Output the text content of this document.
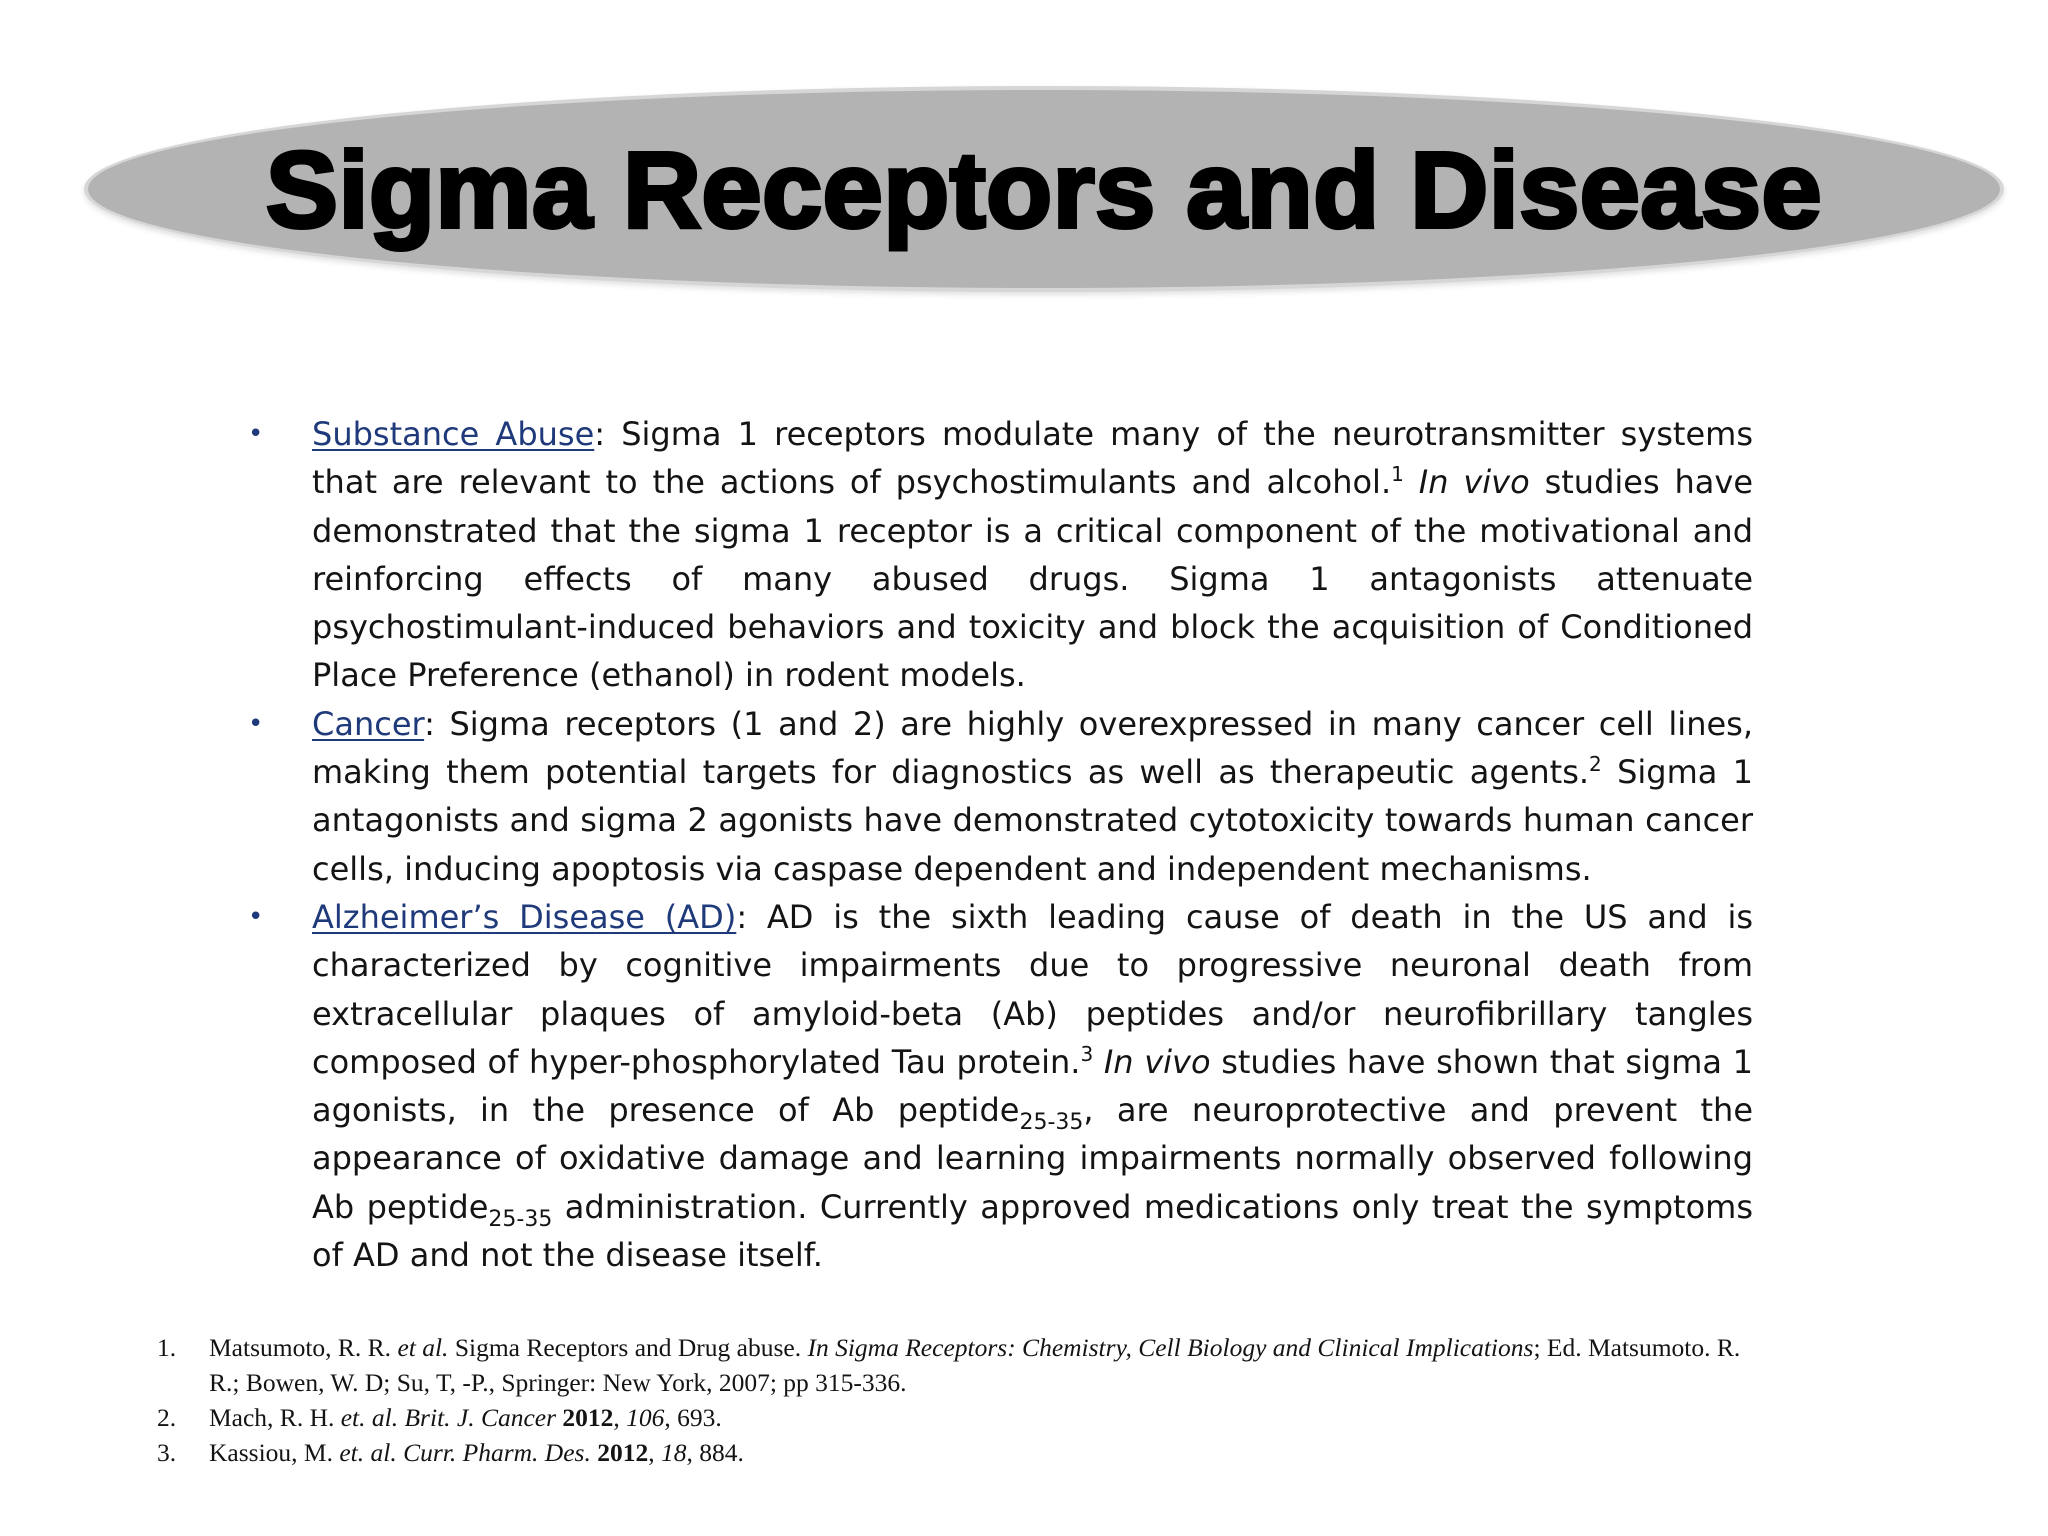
Sigma Receptors and Disease
• Substance Abuse: Sigma 1 receptors modulate many of the neurotransmitter systems that are relevant to the actions of psychostimulants and alcohol.$^1$ In vivo studies have demonstrated that the sigma 1 receptor is a critical component of the motivational and reinforcing effects of many abused drugs. Sigma 1 antagonists attenuate psychostimulant-induced behaviors and toxicity and block the acquisition of Conditioned Place Preference (ethanol) in rodent models.
• Cancer: Sigma receptors (1 and 2) are highly overexpressed in many cancer cell lines, making them potential targets for diagnostics as well as therapeutic agents.$^2$ Sigma 1 antagonists and sigma 2 agonists have demonstrated cytotoxicity towards human cancer cells, inducing apoptosis via caspase dependent and independent mechanisms.
• Alzheimer’s Disease (AD): AD is the sixth leading cause of death in the US and is characterized by cognitive impairments due to progressive neuronal death from extracellular plaques of amyloid-beta (Ab) peptides and/or neurofibrillary tangles composed of hyper-phosphorylated Tau protein.$^3$ In vivo studies have shown that sigma 1 agonists, in the presence of Ab peptide$_{25-35}$, are neuroprotective and prevent the appearance of oxidative damage and learning impairments normally observed following Ab peptide$_{25-35}$ administration. Currently approved medications only treat the symptoms of AD and not the disease itself.
1. Matsumoto, R. R. et al. Sigma Receptors and Drug abuse. In Sigma Receptors: Chemistry, Cell Biology and Clinical Implications; Ed. Matsumoto. R. R.; Bowen, W. D; Su, T, -P., Springer: New York, 2007; pp 315-336.
2. Mach, R. H. et. al. Brit. J. Cancer 2012, 106, 693.
3. Kassiou, M. et. al. Curr. Pharm. Des. 2012, 18, 884.
